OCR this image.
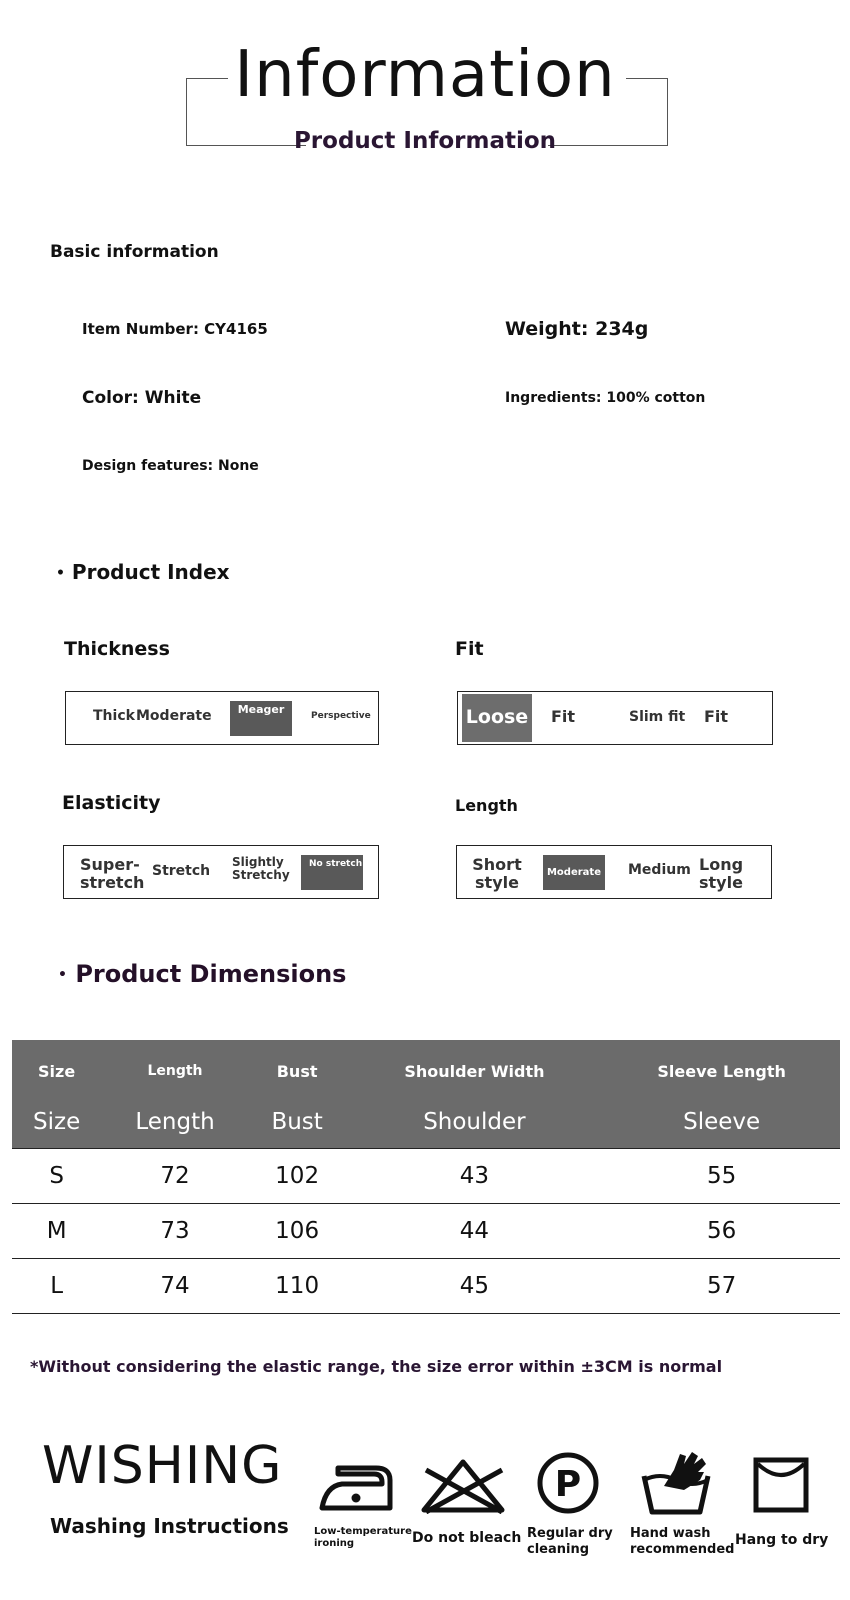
Information
Product Information
Basic information
Item Number: CY4165	Weight: 234g
Color: White	Ingredients: 100% cotton
Design features: None
• Product Index
Thickness
Thick Moderate	Meager	Perspective
Fit
Loose Fit	Slim fit Fit
Elasticity
Super-stretch
Stretch
Slightly Stretchy
No stretch
Length
Short style
Moderate Medium Long style
• Product Dimensions
Size	Length	Bust	Shoulder Width	Sleeve Length
Size	Length	Bust	Shoulder	Sleeve
S	72	102	43	55
M	73	106	44	56
L	74	110	45	57
*Without considering the elastic range, the size error within ±3CM is normal
WISHING
Washing Instructions	Low-temperature ironing	Do not bleach
P
Regular dry cleaning
Hand wash recommended
Hang to dry
